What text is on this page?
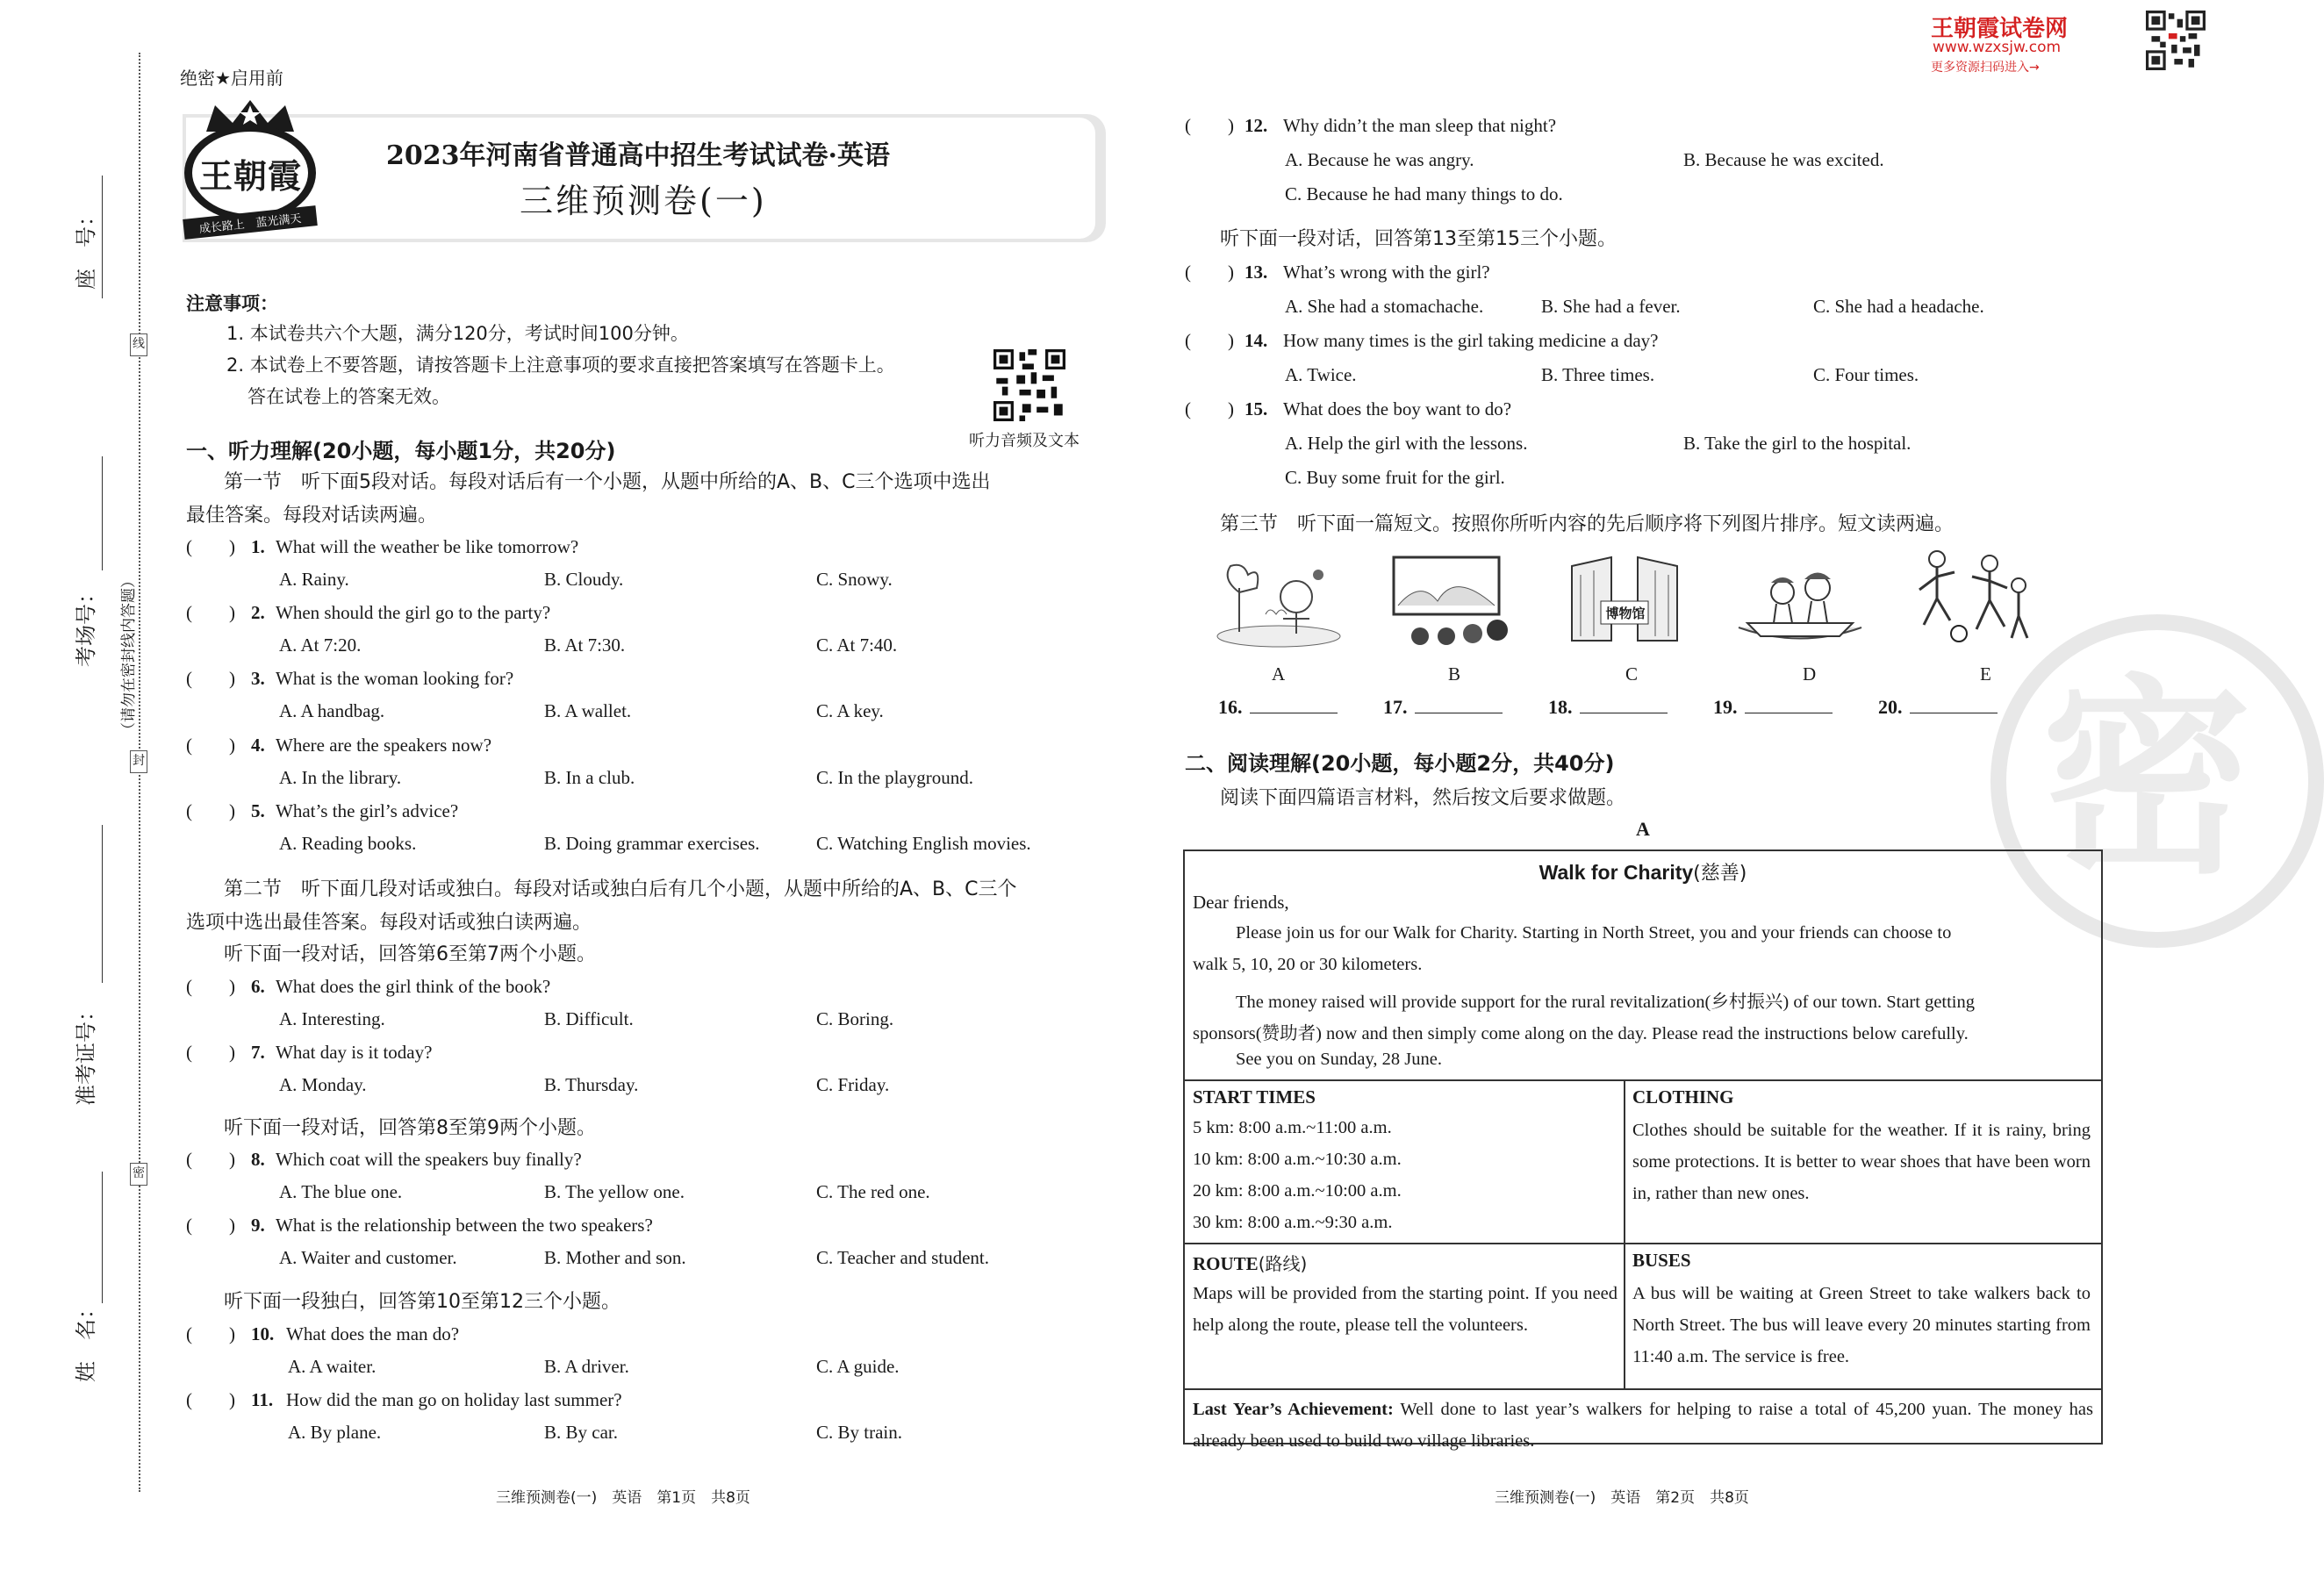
座　号：
考场号：
准考证号：
姓　名：
（请勿在密封线内答题）
线
封
密
王朝霞试卷网
www.wzxsjw.com
更多资源扫码进入→
密
绝密★启用前
2023年河南省普通高中招生考试试卷·英语
三维预测卷(一)
王朝霞
成长路上　蓝光满天
注意事项：
1. 本试卷共六个大题，满分120分，考试时间100分钟。
2. 本试卷上不要答题，请按答题卡上注意事项的要求直接把答案填写在答题卡上。
答在试卷上的答案无效。
听力音频及文本
一、听力理解(20小题，每小题1分，共20分)
第一节　听下面5段对话。每段对话后有一个小题，从题中所给的A、B、C三个选项中选出
最佳答案。每段对话读两遍。
(　　) 1. What will the weather be like tomorrow?
A. Rainy.	B. Cloudy.	C. Snowy.
(　　) 2. When should the girl go to the party?
A. At 7:20.	B. At 7:30.	C. At 7:40.
(　　) 3. What is the woman looking for?
A. A handbag.	B. A wallet.	C. A key.
(　　) 4. Where are the speakers now?
A. In the library.	B. In a club.	C. In the playground.
(　　) 5. What’s the girl’s advice?
A. Reading books.	B. Doing grammar exercises.	C. Watching English movies.
第二节　听下面几段对话或独白。每段对话或独白后有几个小题，从题中所给的A、B、C三个
选项中选出最佳答案。每段对话或独白读两遍。
听下面一段对话，回答第6至第7两个小题。
(　　) 6. What does the girl think of the book?
A. Interesting.	B. Difficult.	C. Boring.
(　　) 7. What day is it today?
A. Monday.	B. Thursday.	C. Friday.
听下面一段对话，回答第8至第9两个小题。
(　　) 8. Which coat will the speakers buy finally?
A. The blue one.	B. The yellow one.	C. The red one.
(　　) 9. What is the relationship between the two speakers?
A. Waiter and customer.	B. Mother and son.	C. Teacher and student.
听下面一段独白，回答第10至第12三个小题。
(　　) 10. What does the man do?
A. A waiter.	B. A driver.	C. A guide.
(　　) 11. How did the man go on holiday last summer?
A. By plane.	B. By car.	C. By train.
三维预测卷(一)　英语　第1页　共8页
(　　) 12. Why didn’t the man sleep that night?
A. Because he was angry.	B. Because he was excited.
C. Because he had many things to do.
听下面一段对话，回答第13至第15三个小题。
(　　) 13. What’s wrong with the girl?
A. She had a stomachache.	B. She had a fever.	C. She had a headache.
(　　) 14. How many times is the girl taking medicine a day?
A. Twice.	B. Three times.	C. Four times.
(　　) 15. What does the boy want to do?
A. Help the girl with the lessons.	B. Take the girl to the hospital.
C. Buy some fruit for the girl.
第三节　听下面一篇短文。按照你所听内容的先后顺序将下列图片排序。短文读两遍。
博物馆
A	B	C	D	E
16.	17.	18.	19.	20.
二、阅读理解(20小题，每小题2分，共40分)
阅读下面四篇语言材料，然后按文后要求做题。
A
Walk for Charity(慈善)
Dear friends,
Please join us for our Walk for Charity. Starting in North Street, you and your friends can choose to
walk 5, 10, 20 or 30 kilometers.
The money raised will provide support for the rural revitalization(乡村振兴) of our town. Start getting
sponsors(赞助者) now and then simply come along on the day. Please read the instructions below carefully.
See you on Sunday, 28 June.
START TIMES
5 km: 8:00 a.m.~11:00 a.m.
10 km: 8:00 a.m.~10:30 a.m.
20 km: 8:00 a.m.~10:00 a.m.
30 km: 8:00 a.m.~9:30 a.m.
CLOTHING
Clothes should be suitable for the weather. If it is rainy, bring some protections. It is better to wear shoes that have been worn in, rather than new ones.
ROUTE(路线)
Maps will be provided from the starting point. If you need help along the route, please tell the volunteers.
BUSES
A bus will be waiting at Green Street to take walkers back to North Street. The bus will leave every 20 minutes starting from 11:40 a.m. The service is free.
Last Year’s Achievement: Well done to last year’s walkers for helping to raise a total of 45,200 yuan. The money has already been used to build two village libraries.
三维预测卷(一)　英语　第2页　共8页
